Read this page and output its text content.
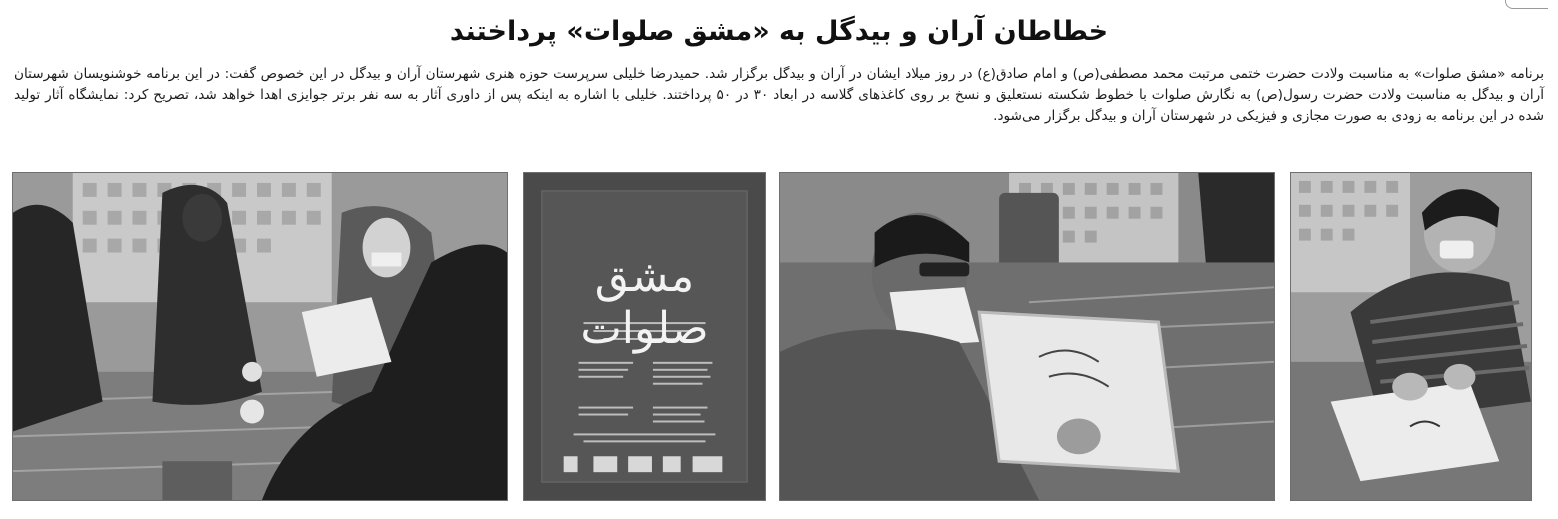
خطاطان آران و بیدگل به «مشق صلوات» پرداختند
برنامه «مشق صلوات» به مناسبت ولادت حضرت ختمی مرتبت محمد مصطفی(ص) و امام صادق(ع) در روز میلاد ایشان در آران و بیدگل برگزار شد. حمیدرضا خلیلی سرپرست حوزه هنری شهرستان آران و بیدگل در این خصوص گفت: در این برنامه خوشنویسان شهرستان آران و بیدگل به مناسبت ولادت حضرت رسول(ص) به نگارش صلوات با خطوط شکسته نستعلیق و نسخ بر روی کاغذهای گلاسه در ابعاد ۳۰ در ۵۰ پرداختند. خلیلی با اشاره به اینکه پس از داوری آثار به سه نفر برتر جوایزی اهدا خواهد شد، تصریح کرد: نمایشگاه آثار تولید شده در این برنامه به زودی به صورت مجازی و فیزیکی در شهرستان آران و بیدگل برگزار می‌شود.
مشق صلوات
